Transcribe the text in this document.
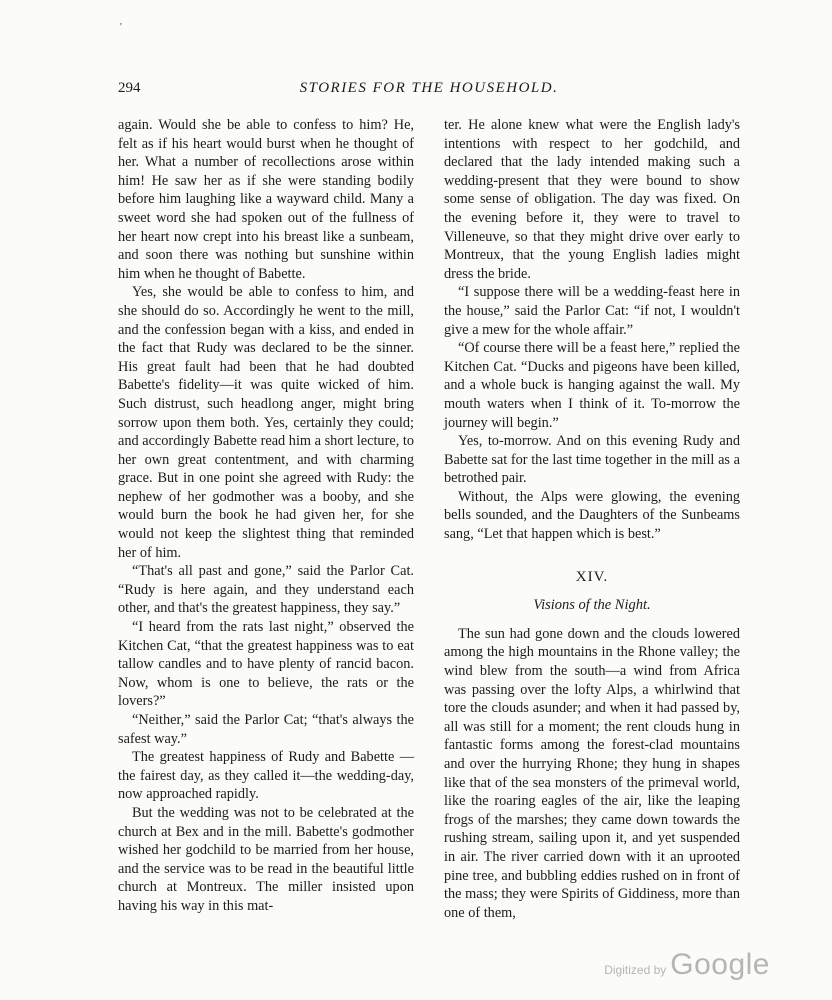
294	STORIES FOR THE HOUSEHOLD.
'

again. Would she be able to confess to him? He, felt as if his heart would burst when he thought of her. What a number of recollections arose within him! He saw her as if she were standing bodily before him laughing like a wayward child. Many a sweet word she had spoken out of the fullness of her heart now crept into his breast like a sunbeam, and soon there was nothing but sunshine within him when he thought of Babette.

Yes, she would be able to confess to him, and she should do so. Accordingly he went to the mill, and the confession began with a kiss, and ended in the fact that Rudy was declared to be the sinner. His great fault had been that he had doubted Babette's fidelity—it was quite wicked of him. Such distrust, such headlong anger, might bring sorrow upon them both. Yes, certainly they could; and accordingly Babette read him a short lecture, to her own great contentment, and with charming grace. But in one point she agreed with Rudy: the nephew of her godmother was a booby, and she would burn the book he had given her, for she would not keep the slightest thing that reminded her of him.

“That's all past and gone,” said the Parlor Cat. “Rudy is here again, and they understand each other, and that's the greatest happiness, they say.”

“I heard from the rats last night,” observed the Kitchen Cat, “that the greatest happiness was to eat tallow candles and to have plenty of rancid bacon. Now, whom is one to believe, the rats or the lovers?”

“Neither,” said the Parlor Cat; “that's always the safest way.”

The greatest happiness of Rudy and Babette —the fairest day, as they called it—the wedding-day, now approached rapidly.

But the wedding was not to be celebrated at the church at Bex and in the mill. Babette's godmother wished her godchild to be married from her house, and the service was to be read in the beautiful little church at Montreux. The miller insisted upon having his way in this mat-

ter. He alone knew what were the English lady's intentions with respect to her godchild, and declared that the lady intended making such a wedding-present that they were bound to show some sense of obligation. The day was fixed. On the evening before it, they were to travel to Villeneuve, so that they might drive over early to Montreux, that the young English ladies might dress the bride.

“I suppose there will be a wedding-feast here in the house,” said the Parlor Cat: “if not, I wouldn't give a mew for the whole affair.”

“Of course there will be a feast here,” replied the Kitchen Cat. “Ducks and pigeons have been killed, and a whole buck is hanging against the wall. My mouth waters when I think of it. To-morrow the journey will begin.”

Yes, to-morrow. And on this evening Rudy and Babette sat for the last time together in the mill as a betrothed pair.

Without, the Alps were glowing, the evening bells sounded, and the Daughters of the Sunbeams sang, “Let that happen which is best.”

XIV.
Visions of the Night.

The sun had gone down and the clouds lowered among the high mountains in the Rhone valley; the wind blew from the south—a wind from Africa was passing over the lofty Alps, a whirlwind that tore the clouds asunder; and when it had passed by, all was still for a moment; the rent clouds hung in fantastic forms among the forest-clad mountains and over the hurrying Rhone; they hung in shapes like that of the sea monsters of the primeval world, like the roaring eagles of the air, like the leaping frogs of the marshes; they came down towards the rushing stream, sailing upon it, and yet suspended in air. The river carried down with it an uprooted pine tree, and bubbling eddies rushed on in front of the mass; they were Spirits of Giddiness, more than one of them,

Digitized by Google
